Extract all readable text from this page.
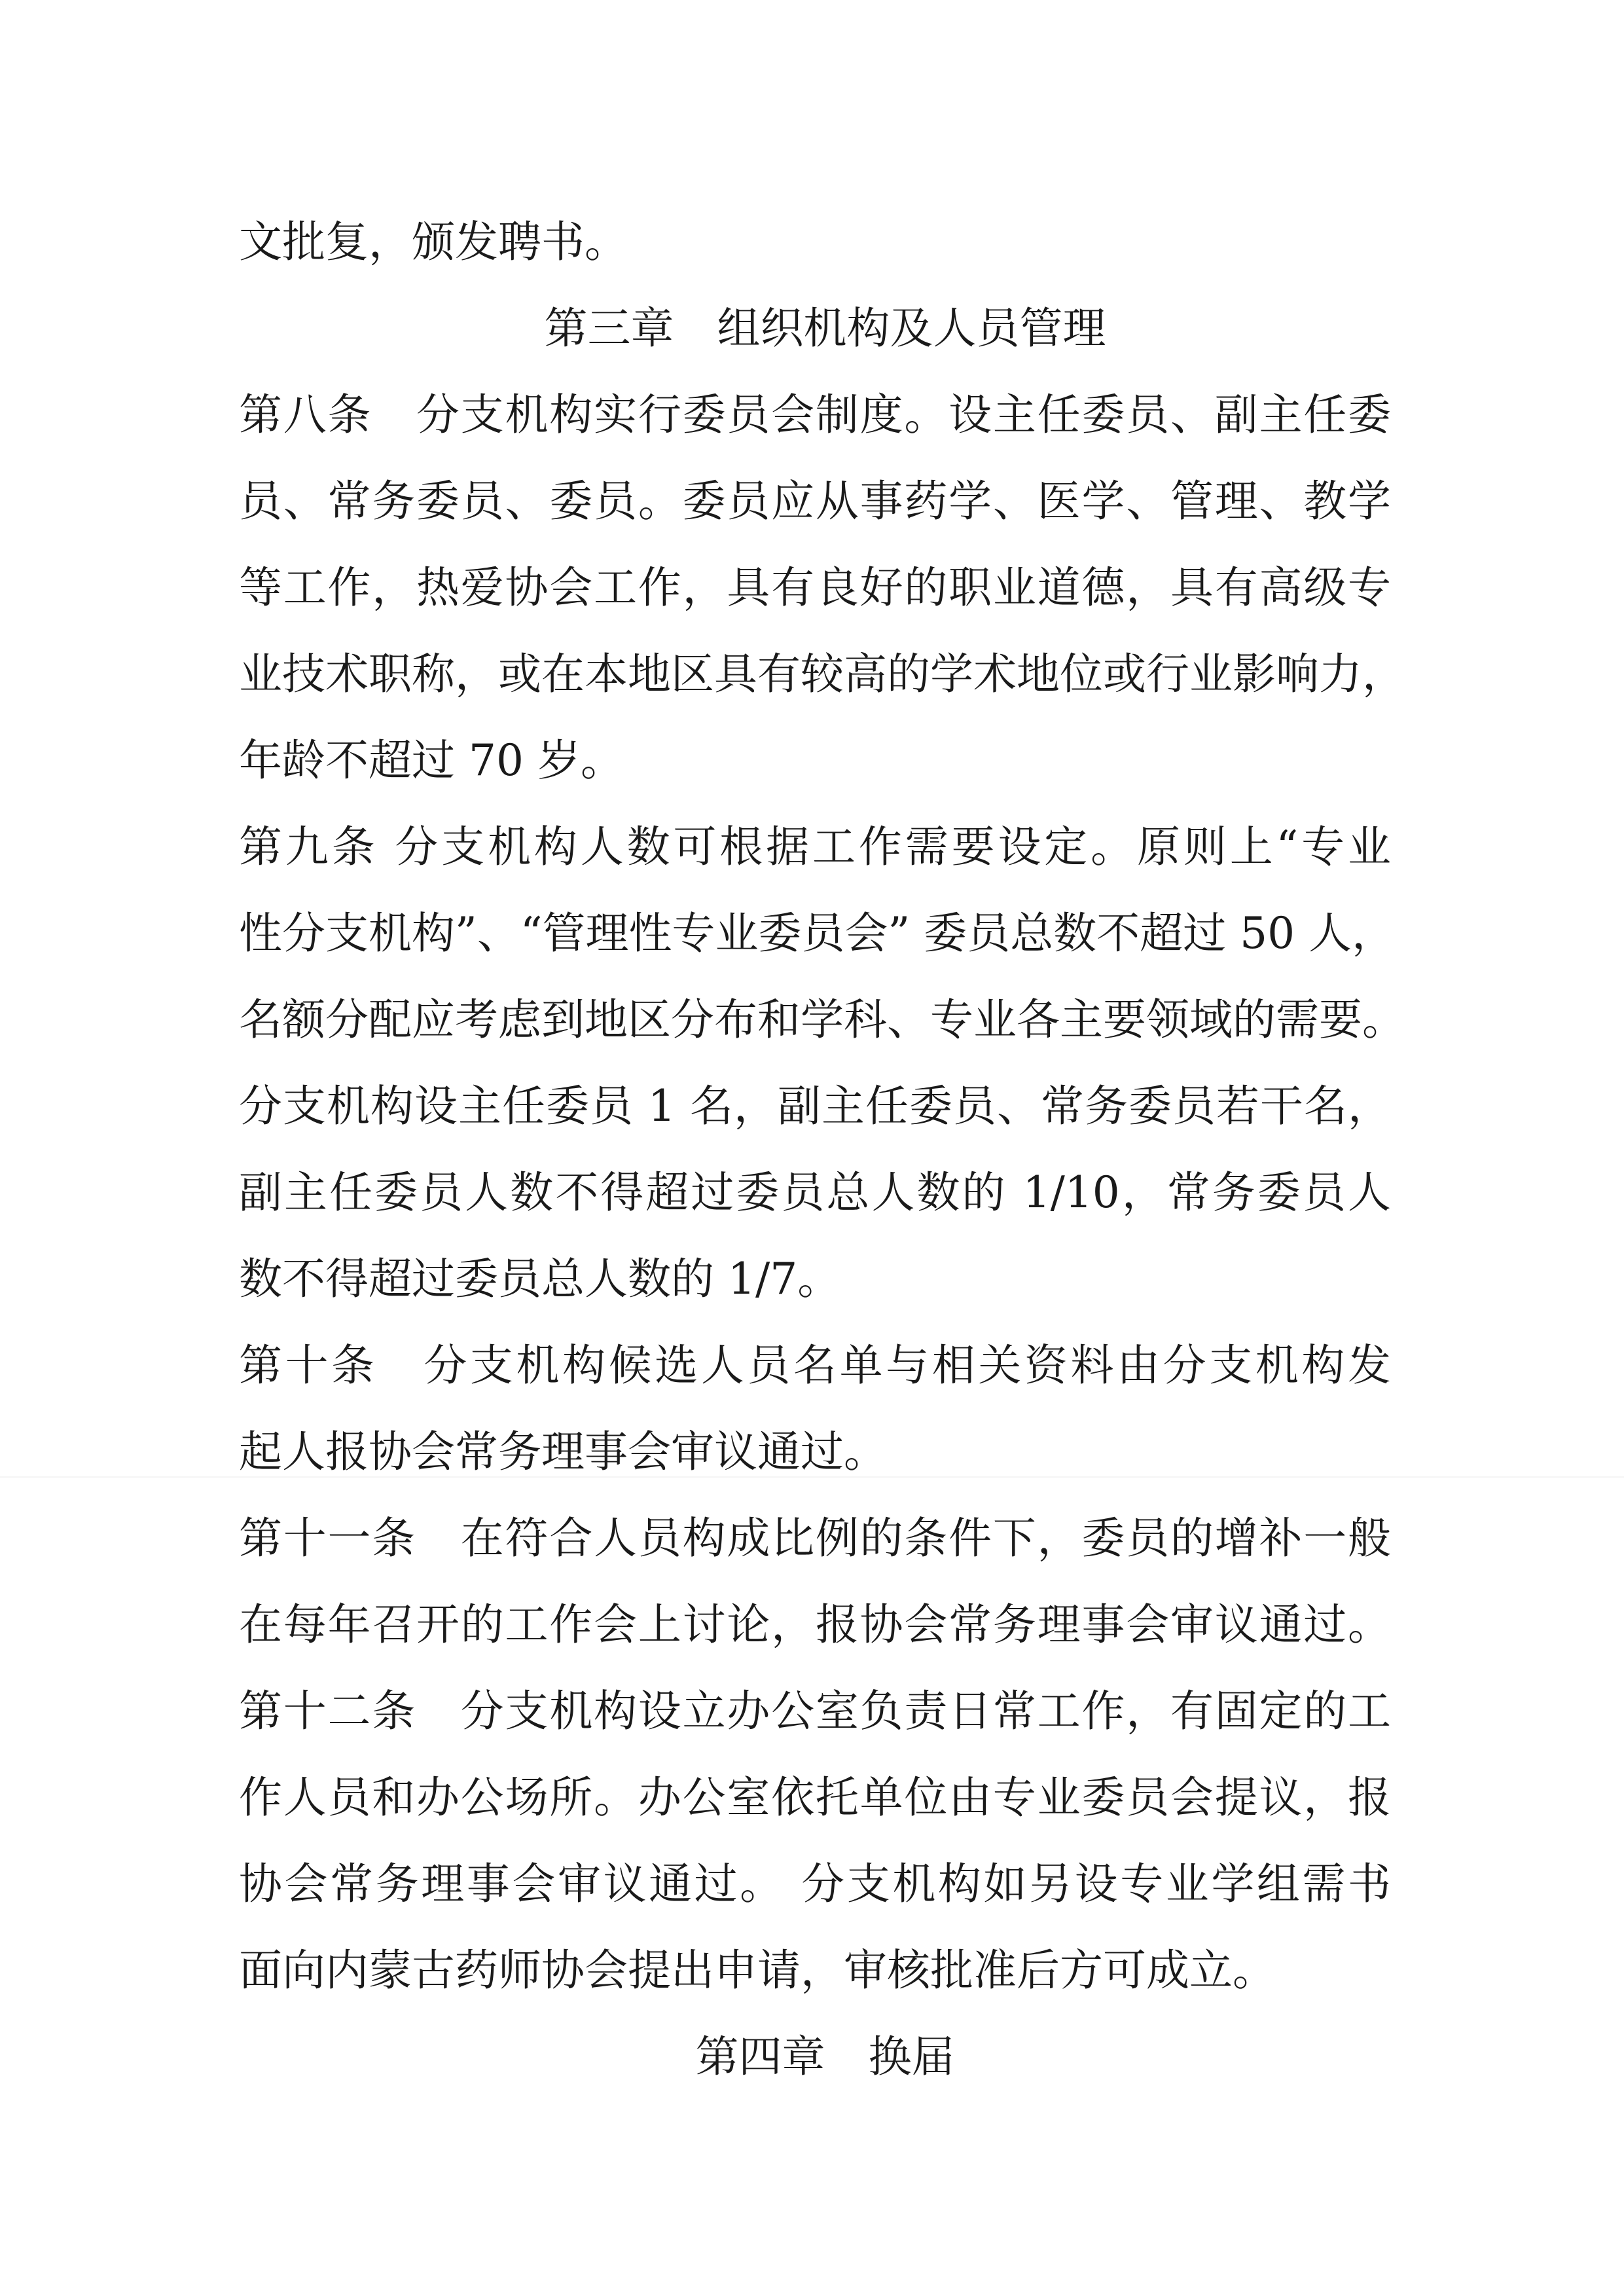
文批复，颁发聘书。
第三章　组织机构及人员管理
第八条　分支机构实行委员会制度。设主任委员、副主任委
员、常务委员、委员。委员应从事药学、医学、管理、教学
等工作，热爱协会工作，具有良好的职业道德，具有高级专
业技术职称，或在本地区具有较高的学术地位或行业影响力，
年龄不超过 70 岁。
第九条 分支机构人数可根据工作需要设定。原则上“专业
性分支机构”、“管理性专业委员会” 委员总数不超过 50 人，
名额分配应考虑到地区分布和学科、专业各主要领域的需要。
分支机构设主任委员 1 名，副主任委员、常务委员若干名，
副主任委员人数不得超过委员总人数的 1/10，常务委员人
数不得超过委员总人数的 1/7。
第十条　分支机构候选人员名单与相关资料由分支机构发
起人报协会常务理事会审议通过。
第十一条　在符合人员构成比例的条件下，委员的增补一般
在每年召开的工作会上讨论，报协会常务理事会审议通过。
第十二条　分支机构设立办公室负责日常工作，有固定的工
作人员和办公场所。办公室依托单位由专业委员会提议，报
协会常务理事会审议通过。 分支机构如另设专业学组需书
面向内蒙古药师协会提出申请，审核批准后方可成立。
第四章　换届
